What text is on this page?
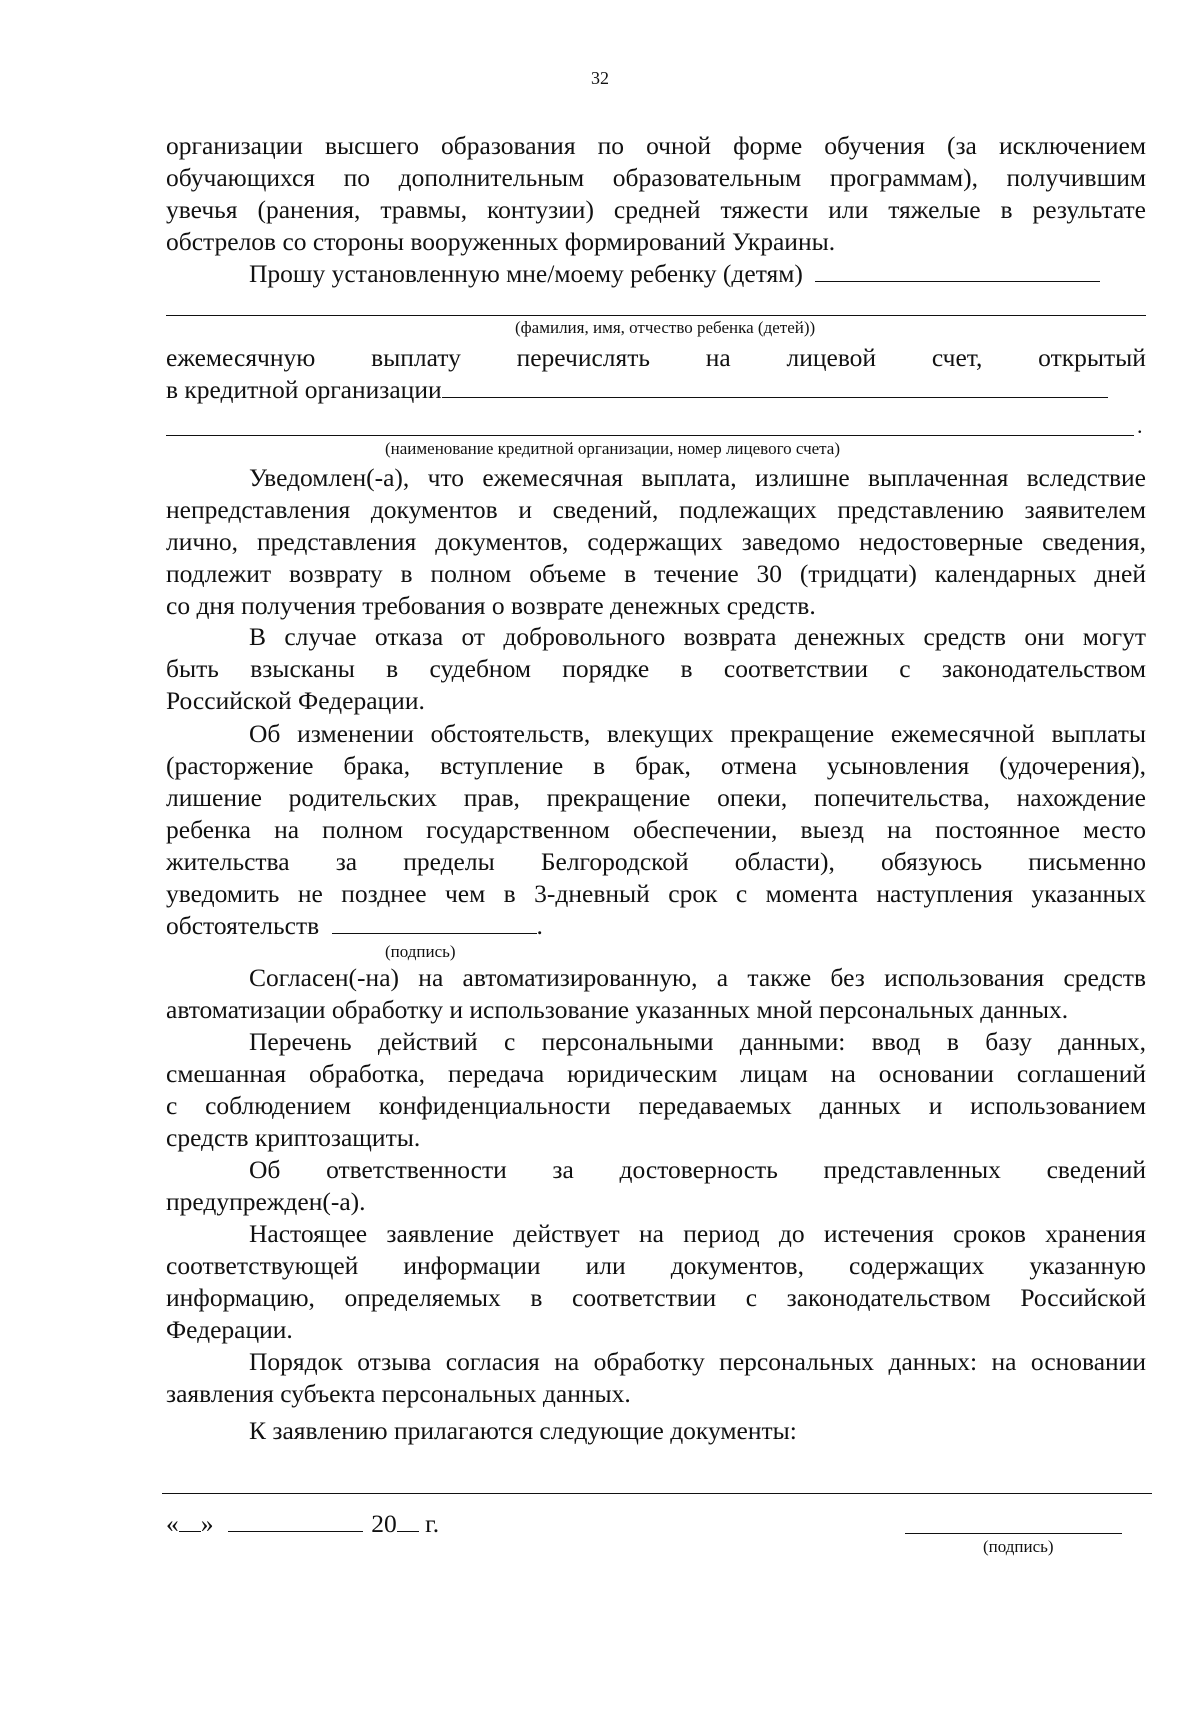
32
организации высшего образования по очной форме обучения (за исключением
обучающихся по дополнительным образовательным программам), получившим
увечья (ранения, травмы, контузии) средней тяжести или тяжелые в результате
обстрелов со стороны вооруженных формирований Украины.
Прошу установленную мне/моему ребенку (детям)
(фамилия, имя, отчество ребенка (детей))
ежемесячную выплату перечислять на лицевой счет, открытый
в кредитной организации
.
(наименование кредитной организации, номер лицевого счета)
Уведомлен(-а), что ежемесячная выплата, излишне выплаченная вследствие
непредставления документов и сведений, подлежащих представлению заявителем
лично, представления документов, содержащих заведомо недостоверные сведения,
подлежит возврату в полном объеме в течение 30 (тридцати) календарных дней
со дня получения требования о возврате денежных средств.
В случае отказа от добровольного возврата денежных средств они могут
быть взысканы в судебном порядке в соответствии с законодательством
Российской Федерации.
Об изменении обстоятельств, влекущих прекращение ежемесячной выплаты
(расторжение брака, вступление в брак, отмена усыновления (удочерения),
лишение родительских прав, прекращение опеки, попечительства, нахождение
ребенка на полном государственном обеспечении, выезд на постоянное место
жительства за пределы Белгородской области), обязуюсь письменно
уведомить не позднее чем в 3-дневный срок с момента наступления указанных
обстоятельств	.
(подпись)
Согласен(-на) на автоматизированную, а также без использования средств
автоматизации обработку и использование указанных мной персональных данных.
Перечень действий с персональными данными: ввод в базу данных,
смешанная обработка, передача юридическим лицам на основании соглашений
с соблюдением конфиденциальности передаваемых данных и использованием
средств криптозащиты.
Об ответственности за достоверность представленных сведений
предупрежден(-а).
Настоящее заявление действует на период до истечения сроков хранения
соответствующей информации или документов, содержащих указанную
информацию, определяемых в соответствии с законодательством Российской
Федерации.
Порядок отзыва согласия на обработку персональных данных: на основании
заявления субъекта персональных данных.
К заявлению прилагаются следующие документы:
« »	20 г.
(подпись)
